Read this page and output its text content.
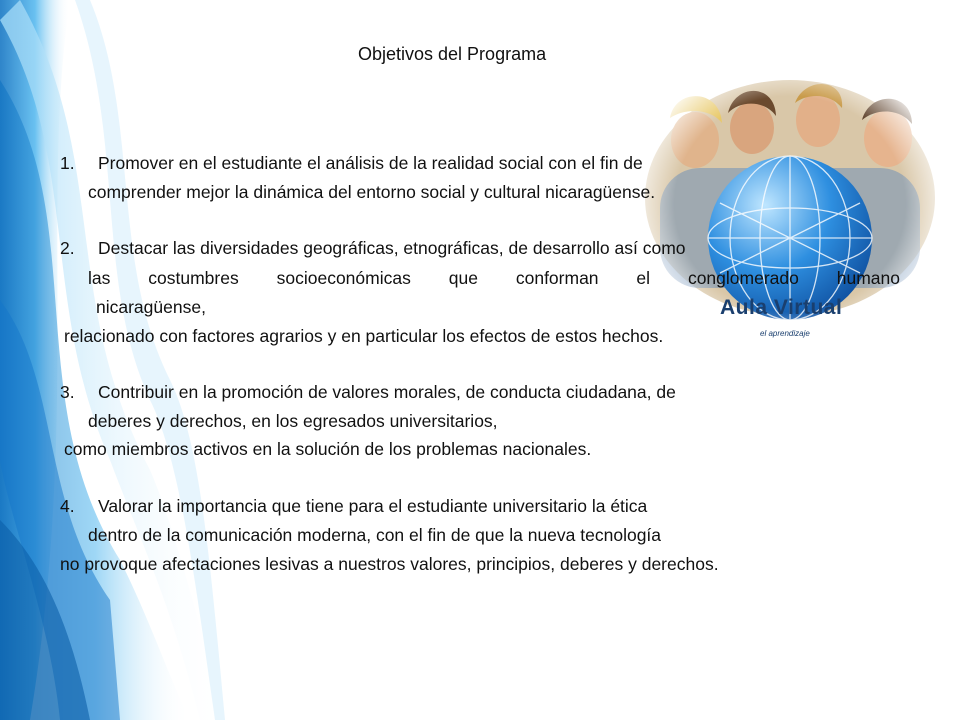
Aula Virtual
el aprendizaje
Objetivos del Programa
1. Promover en el estudiante el análisis de la realidad social con el fin de
comprender mejor la dinámica del entorno social y cultural nicaragüense.
2. Destacar las diversidades geográficas, etnográficas, de desarrollo así como
las costumbres socioeconómicas que conforman el conglomerado humano
nicaragüense,
relacionado con factores agrarios y en particular los efectos de estos hechos.
3. Contribuir en la promoción de valores morales, de conducta ciudadana, de
deberes y derechos, en los egresados universitarios,
como miembros activos en la solución de los problemas nacionales.
4. Valorar la importancia que tiene para el estudiante universitario la ética
dentro de la comunicación moderna, con el fin de que la nueva tecnología
no provoque afectaciones lesivas a nuestros valores, principios, deberes y derechos.
